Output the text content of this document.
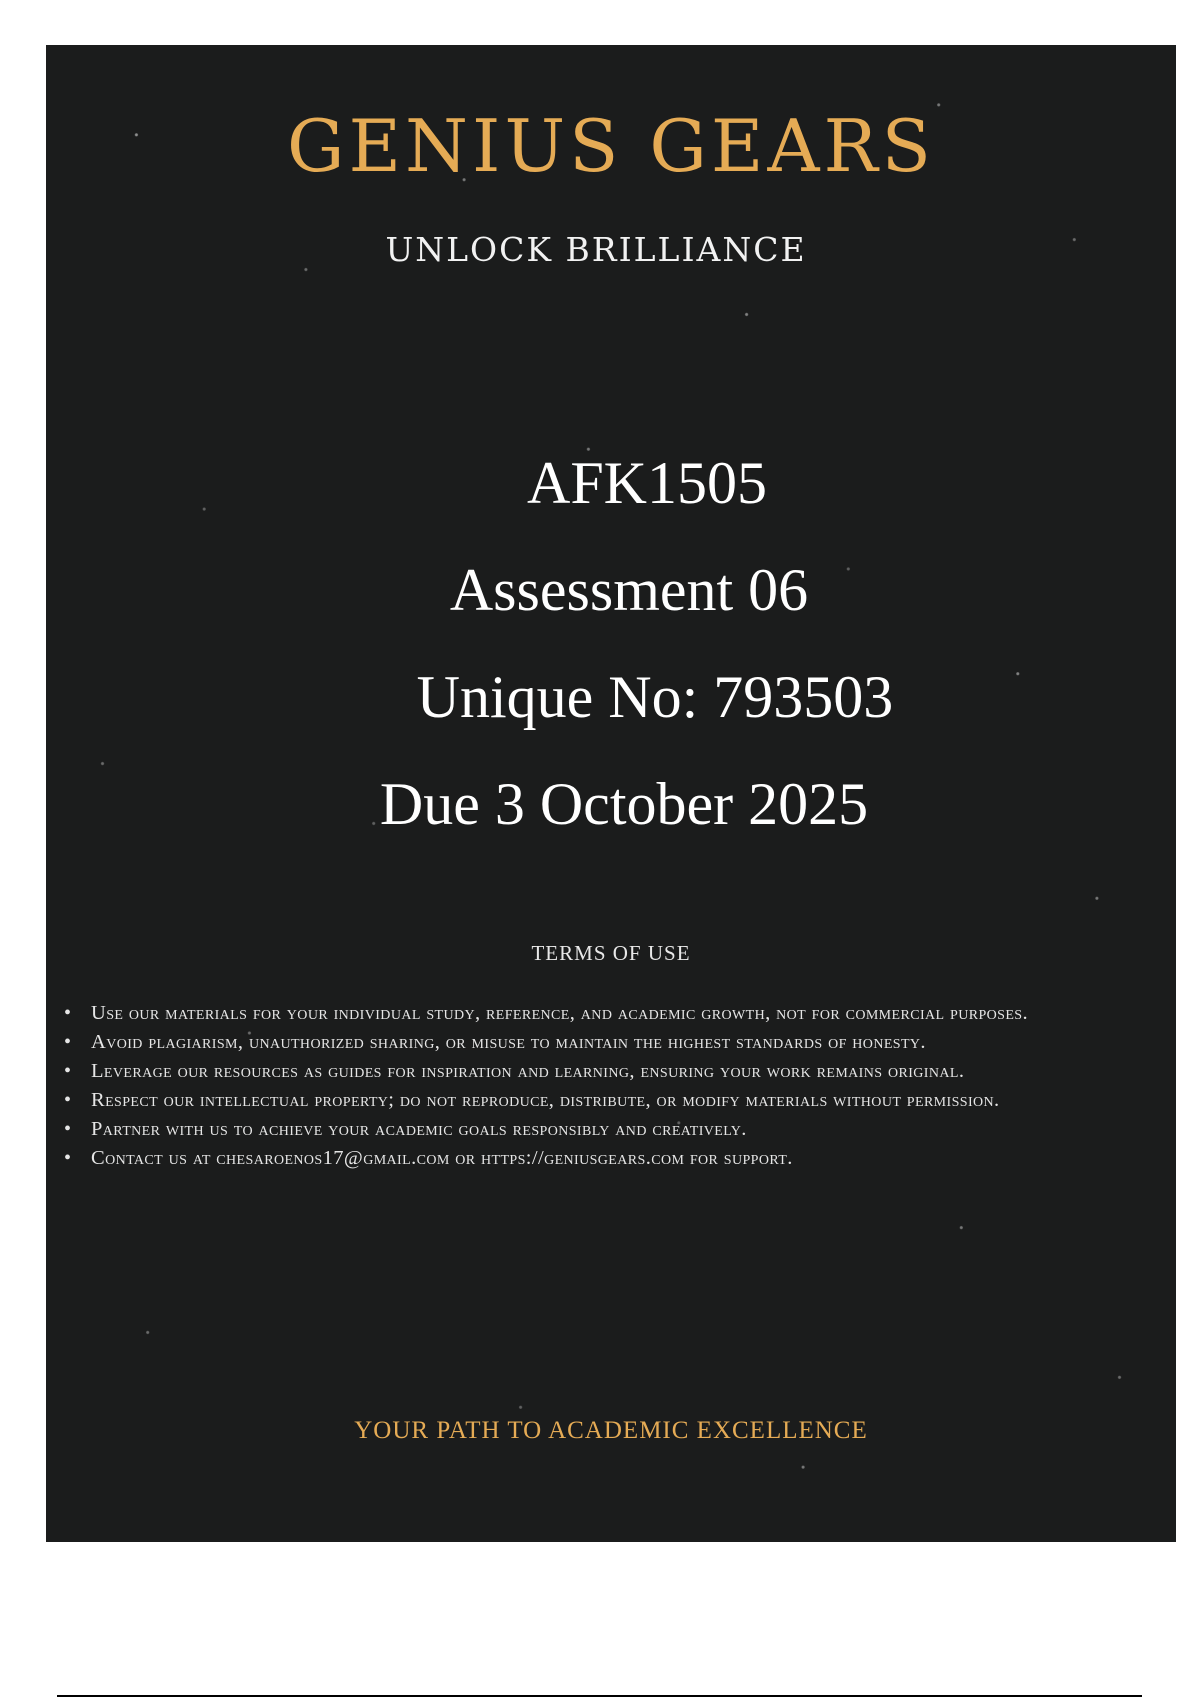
GENIUS GEARS
UNLOCK BRILLIANCE
AFK1505
Assessment 06
Unique No: 793503
Due 3 October 2025
TERMS OF USE
• Use our materials for your individual study, reference, and academic growth, not for commercial purposes.
• Avoid plagiarism, unauthorized sharing, or misuse to maintain the highest standards of honesty.
• Leverage our resources as guides for inspiration and learning, ensuring your work remains original.
• Respect our intellectual property; do not reproduce, distribute, or modify materials without permission.
• Partner with us to achieve your academic goals responsibly and creatively.
• Contact us at chesaroenos17@gmail.com or https://geniusgears.com for support.
YOUR PATH TO ACADEMIC EXCELLENCE
